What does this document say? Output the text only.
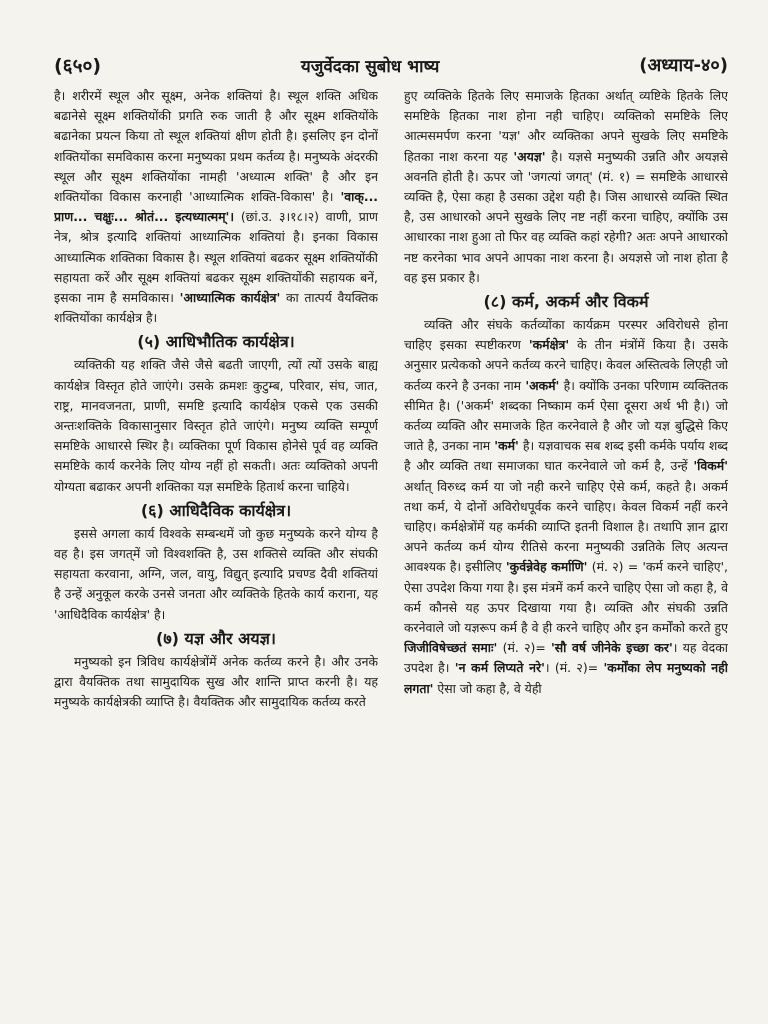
(६५०)	यजुर्वेदका सुबोध भाष्य	(अध्याय-४०)

है। शरीरमें स्थूल और सूक्ष्म, अनेक शक्तियां है। स्थूल शक्ति अधिक बढानेसे सूक्ष्म शक्तियोंकी प्रगति रुक जाती है और सूक्ष्म शक्तियोंके बढानेका प्रयत्न किया तो स्थूल शक्तियां क्षीण होती है। इसलिए इन दोनों शक्तियोंका समविकास करना मनुष्यका प्रथम कर्तव्य है। मनुष्यके अंदरकी स्थूल और सूक्ष्म शक्तियोंका नामही 'अध्यात्म शक्ति' है और इन शक्तियोंका विकास करनाही 'आध्यात्मिक शक्ति-विकास' है। 'वाक्... प्राण... चक्षुः... श्रोतं... इत्यध्यात्मम्'। (छां.उ. ३।१८।२) वाणी, प्राण नेत्र, श्रोत्र इत्यादि शक्तियां आध्यात्मिक शक्तियां है। इनका विकास आध्यात्मिक शक्तिका विकास है। स्थूल शक्तियां बढकर सूक्ष्म शक्तियोंकी सहायता करें और सूक्ष्म शक्तियां बढकर सूक्ष्म शक्तियोंकी सहायक बनें, इसका नाम है समविकास। 'आध्यात्मिक कार्यक्षेत्र' का तात्पर्य वैयक्तिक शक्तियोंका कार्यक्षेत्र है।

(५) आधिभौतिक कार्यक्षेत्र।

व्यक्तिकी यह शक्ति जैसे जैसे बढती जाएगी, त्यों त्यों उसके बाह्य कार्यक्षेत्र विस्तृत होते जाएंगे। उसके क्रमशः कुटुम्ब, परिवार, संघ, जात, राष्ट्र, मानवजनता, प्राणी, समष्टि इत्यादि कार्यक्षेत्र एकसे एक उसकी अन्तःशक्तिके विकासानुसार विस्तृत होते जाएंगे। मनुष्य व्यक्ति सम्पूर्ण समष्टिके आधारसे स्थिर है। व्यक्तिका पूर्ण विकास होनेसे पूर्व वह व्यक्ति समष्टिके कार्य करनेके लिए योग्य नहीं हो सकती। अतः व्यक्तिको अपनी योग्यता बढाकर अपनी शक्तिका यज्ञ समष्टिके हितार्थ करना चाहिये।

(६) आधिदैविक कार्यक्षेत्र।

इससे अगला कार्य विश्वके सम्बन्धमें जो कुछ मनुष्यके करने योग्य है वह है। इस जगत्‌में जो विश्वशक्ति है, उस शक्तिसे व्यक्ति और संघकी सहायता करवाना, अग्नि, जल, वायु, विद्युत् इत्यादि प्रचण्ड दैवी शक्तियां है उन्हें अनुकूल करके उनसे जनता और व्यक्तिके हितके कार्य कराना, यह 'आधिदैविक कार्यक्षेत्र' है।

(७) यज्ञ और अयज्ञ।

मनुष्यको इन त्रिविध कार्यक्षेत्रोंमें अनेक कर्तव्य करने है। और उनके द्वारा वैयक्तिक तथा सामुदायिक सुख और शान्ति प्राप्त करनी है। यह मनुष्यके कार्यक्षेत्रकी व्याप्ति है। वैयक्तिक और सामुदायिक कर्तव्य करते

हुए व्यक्तिके हितके लिए समाजके हितका अर्थात् व्यष्टिके हितके लिए समष्टिके हितका नाश होना नही चाहिए। व्यक्तिको समष्टिके लिए आत्मसमर्पण करना 'यज्ञ' और व्यक्तिका अपने सुखके लिए समष्टिके हितका नाश करना यह 'अयज्ञ' है। यज्ञसे मनुष्यकी उन्नति और अयज्ञसे अवनति होती है। ऊपर जो 'जगत्यां जगत्' (मं. १) = समष्टिके आधारसे व्यक्ति है, ऐसा कहा है उसका उद्देश यही है। जिस आधारसे व्यक्ति स्थित है, उस आधारको अपने सुखके लिए नष्ट नहीं करना चाहिए, क्योंकि उस आधारका नाश हुआ तो फिर वह व्यक्ति कहां रहेगी? अतः अपने आधारको नष्ट करनेका भाव अपने आपका नाश करना है। अयज्ञसे जो नाश होता है वह इस प्रकार है।

(८) कर्म, अकर्म और विकर्म

व्यक्ति और संघके कर्तव्योंका कार्यक्रम परस्पर अविरोधसे होना चाहिए इसका स्पष्टीकरण 'कर्मक्षेत्र' के तीन मंत्रोंमें किया है। उसके अनुसार प्रत्येकको अपने कर्तव्य करने चाहिए। केवल अस्तित्वके लिएही जो कर्तव्य करने है उनका नाम 'अकर्म' है। क्योंकि उनका परिणाम व्यक्तितक सीमित है। ('अकर्म' शब्दका निष्काम कर्म ऐसा दूसरा अर्थ भी है।) जो कर्तव्य व्यक्ति और समाजके हित करनेवाले है और जो यज्ञ बुद्धिसे किए जाते है, उनका नाम 'कर्म' है। यज्ञवाचक सब शब्द इसी कर्मके पर्याय शब्द है और व्यक्ति तथा समाजका घात करनेवाले जो कर्म है, उन्हें 'विकर्म' अर्थात् विरुध्द कर्म या जो नही करने चाहिए ऐसे कर्म, कहते है। अकर्म तथा कर्म, ये दोनों अविरोधपूर्वक करने चाहिए। केवल विकर्म नहीं करने चाहिए। कर्मक्षेत्रोंमें यह कर्मकी व्याप्ति इतनी विशाल है। तथापि ज्ञान द्वारा अपने कर्तव्य कर्म योग्य रीतिसे करना मनुष्यकी उन्नतिके लिए अत्यन्त आवश्यक है। इसीलिए 'कुर्वन्नेवेह कर्माणि' (मं. २) = 'कर्म करने चाहिए', ऐसा उपदेश किया गया है। इस मंत्रमें कर्म करने चाहिए ऐसा जो कहा है, वे कर्म कौनसे यह ऊपर दिखाया गया है। व्यक्ति और संघकी उन्नति करनेवाले जो यज्ञरूप कर्म है वे ही करने चाहिए और इन कर्मोंको करते हुए जिजीविषेच्छतं समाः' (मं. २)= 'सौ वर्ष जीनेके इच्छा कर'। यह वेदका उपदेश है। 'न कर्म लिप्यते नरे'। (मं. २)= 'कर्मोंका लेप मनुष्यको नही लगता' ऐसा जो कहा है, वे येही
